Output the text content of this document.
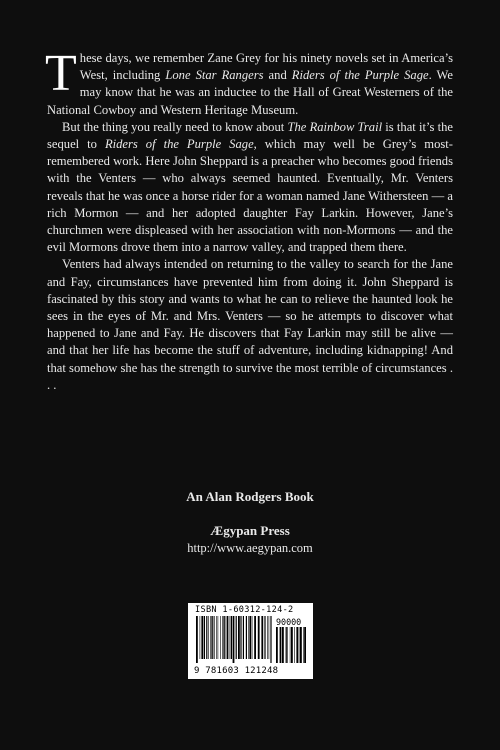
These days, we remember Zane Grey for his ninety novels set in America’s West, including Lone Star Rangers and Riders of the Purple Sage. We may know that he was an inductee to the Hall of Great Westerners of the National Cowboy and Western Heritage Museum.

But the thing you really need to know about The Rainbow Trail is that it’s the sequel to Riders of the Purple Sage, which may well be Grey’s most-remembered work. Here John Sheppard is a preacher who becomes good friends with the Venters — who always seemed haunted. Eventually, Mr. Venters reveals that he was once a horse rider for a woman named Jane Withersteen — a rich Mormon — and her adopted daughter Fay Larkin. However, Jane’s churchmen were displeased with her association with non-Mormons — and the evil Mormons drove them into a narrow valley, and trapped them there.

Venters had always intended on returning to the valley to search for the Jane and Fay, circumstances have prevented him from doing it. John Sheppard is fascinated by this story and wants to what he can to relieve the haunted look he sees in the eyes of Mr. and Mrs. Venters — so he attempts to discover what happened to Jane and Fay. He discovers that Fay Larkin may still be alive — and that her life has become the stuff of adventure, including kidnapping! And that somehow she has the strength to survive the most terrible of circumstances . . .

An Alan Rodgers Book
Ægypan Press
http://www.aegypan.com
ISBN 1-60312-124-2
90000
9 781603 121248
